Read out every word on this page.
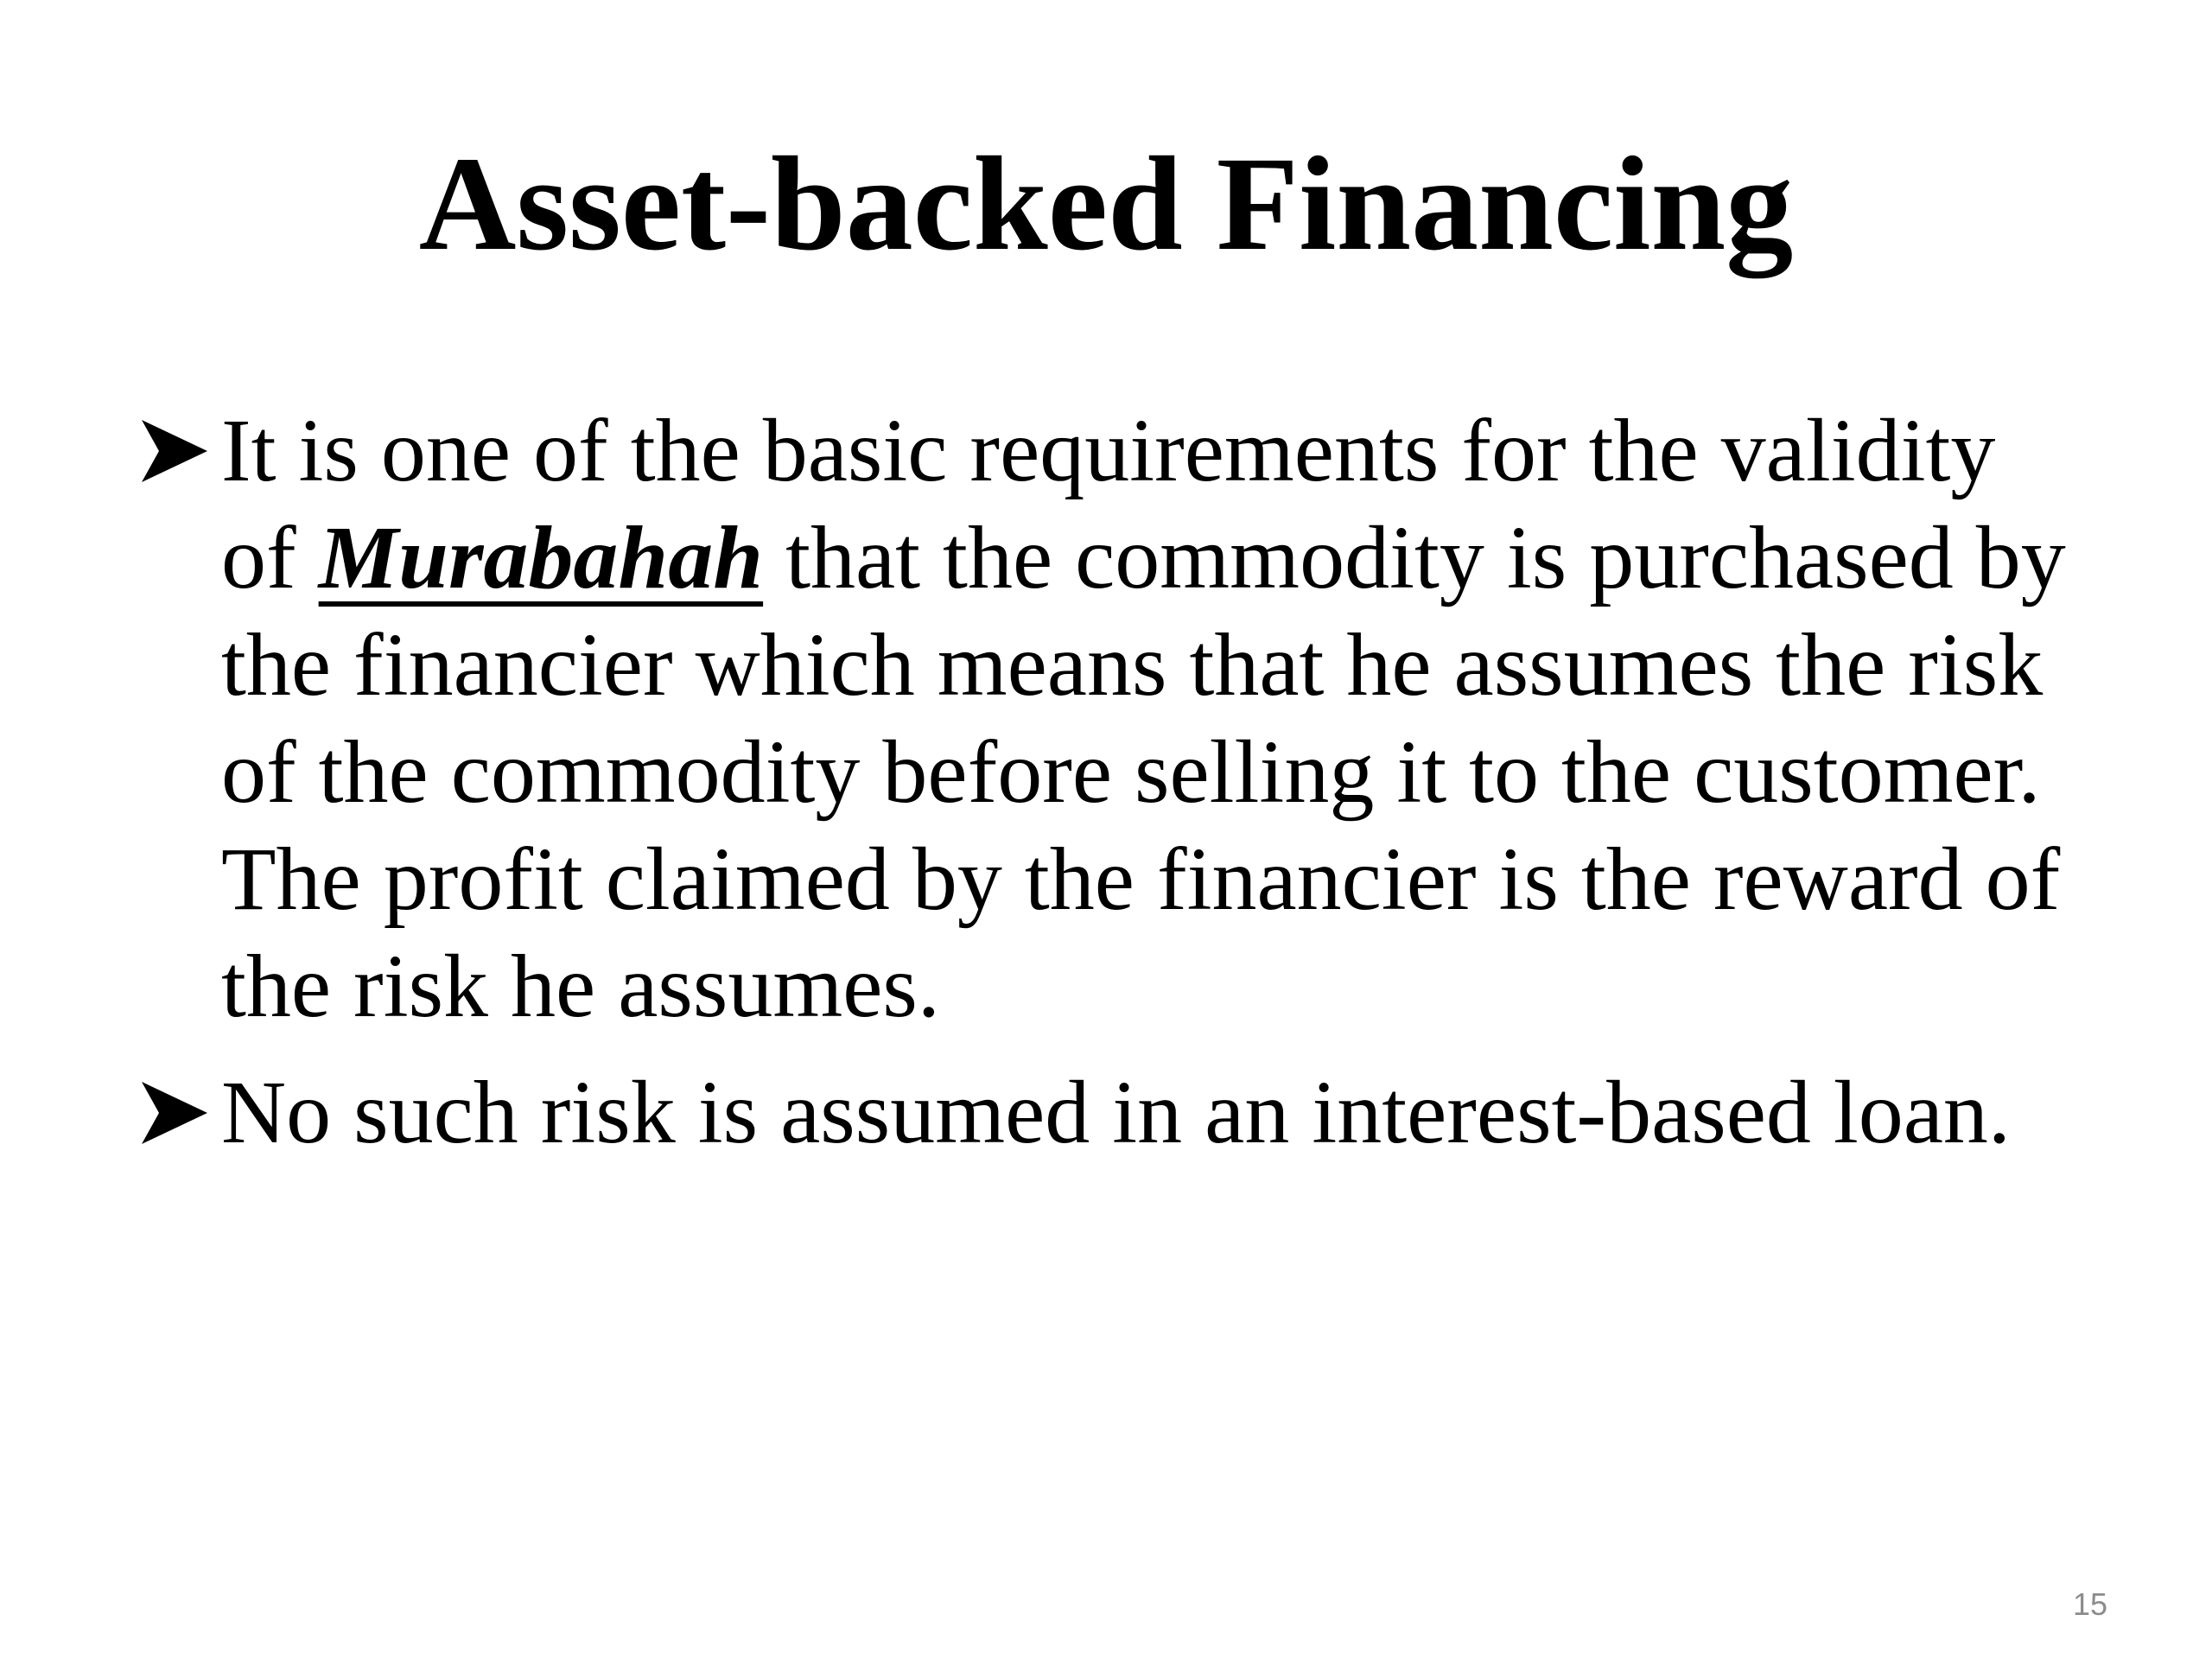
Asset-backed Financing
It is one of the basic requirements for the validity of Murabahah that the commodity is purchased by the financier which means that he assumes the risk of the commodity before selling it to the customer. The profit claimed by the financier is the reward of the risk he assumes.
No such risk is assumed in an interest-based loan.
15
